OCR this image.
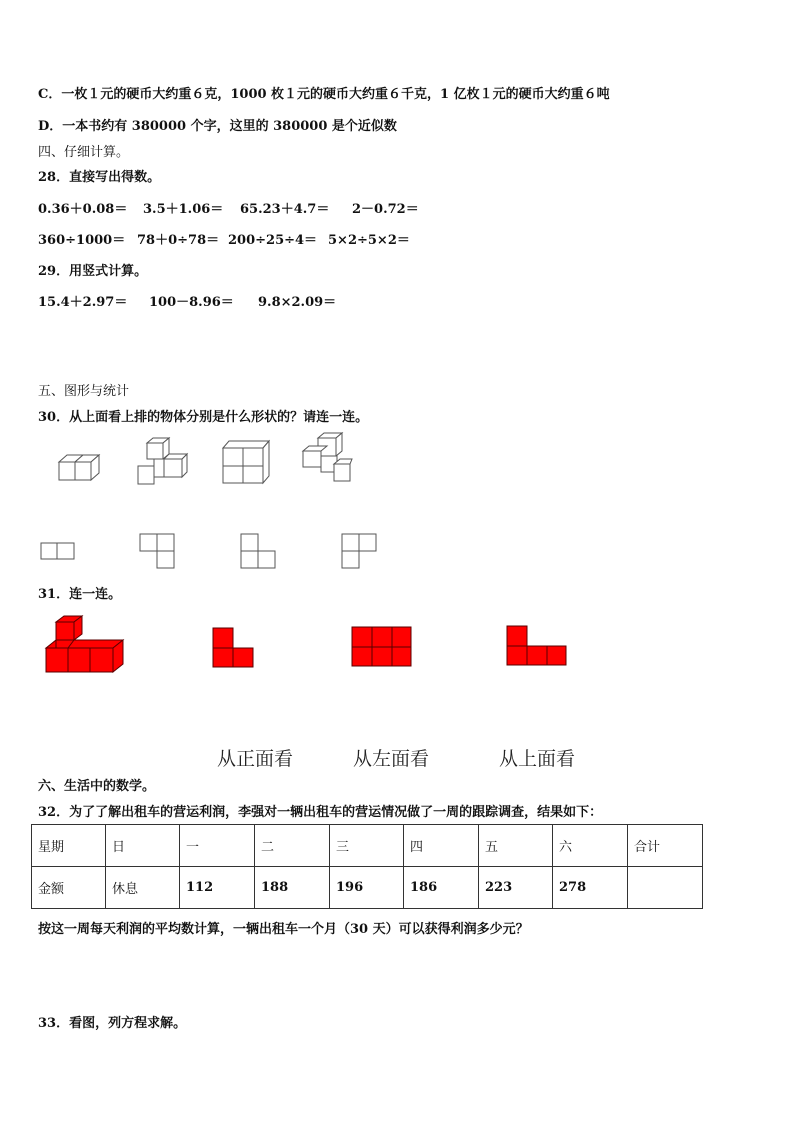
C．一枚１元的硬币大约重６克，1000 枚１元的硬币大约重６千克，1 亿枚１元的硬币大约重６吨
D．一本书约有 380000 个字，这里的 380000 是个近似数
四、仔细计算。
28．直接写出得数。
0.36＋0.08＝ 3.5＋1.06＝ 65.23＋4.7＝ 2－0.72＝
360÷1000＝ 78＋0÷78＝ 200÷25÷4＝ 5×2÷5×2＝
29．用竖式计算。
15.4＋2.97＝ 100－8.96＝ 9.8×2.09＝
五、图形与统计
30．从上面看上排的物体分别是什么形状的？请连一连。
31．连一连。
从正面看	从左面看	从上面看
六、生活中的数学。
32．为了了解出租车的营运利润，李强对一辆出租车的营运情况做了一周的跟踪调查，结果如下：
星期	日	一	二	三	四	五	六	合计
金额	休息	112	188	196	186	223	278	
按这一周每天利润的平均数计算，一辆出租车一个月（30 天）可以获得利润多少元？
33．看图，列方程求解。
